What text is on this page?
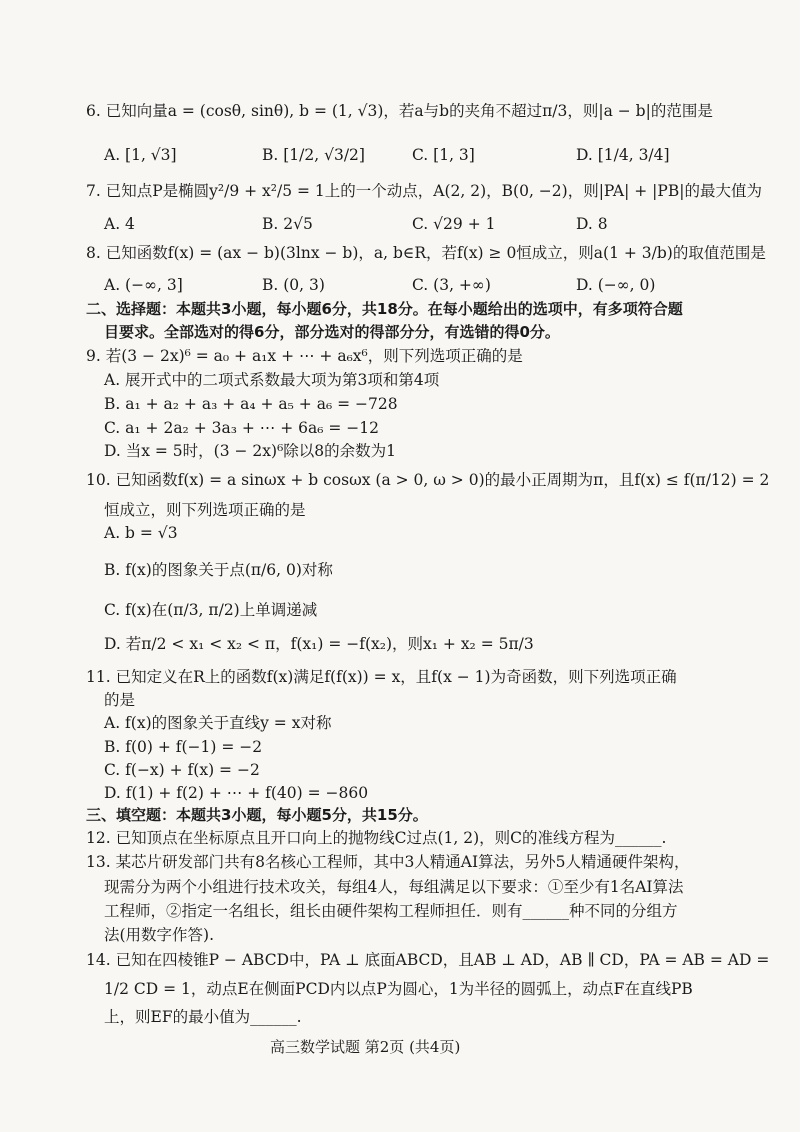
6. 已知向量a = (cosθ, sinθ), b = (1, √3)，若a与b的夹角不超过π/3，则|a − b|的范围是
A. [1, √3]	B. [1/2, √3/2]	C. [1, 3]	D. [1/4, 3/4]
7. 已知点P是椭圆y²/9 + x²/5 = 1上的一个动点，A(2, 2)，B(0, −2)，则|PA| + |PB|的最大值为
A. 4	B. 2√5	C. √29 + 1	D. 8
8. 已知函数f(x) = (ax − b)(3lnx − b)，a, b∈R，若f(x) ≥ 0恒成立，则a(1 + 3/b)的取值范围是
A. (−∞, 3]	B. (0, 3)	C. (3, +∞)	D. (−∞, 0)
二、选择题：本题共3小题，每小题6分，共18分。在每小题给出的选项中，有多项符合题
目要求。全部选对的得6分，部分选对的得部分分，有选错的得0分。
9. 若(3 − 2x)⁶ = a₀ + a₁x + ⋯ + a₆x⁶，则下列选项正确的是
A. 展开式中的二项式系数最大项为第3项和第4项
B. a₁ + a₂ + a₃ + a₄ + a₅ + a₆ = −728
C. a₁ + 2a₂ + 3a₃ + ⋯ + 6a₆ = −12
D. 当x = 5时，(3 − 2x)⁶除以8的余数为1
10. 已知函数f(x) = a sinωx + b cosωx (a > 0, ω > 0)的最小正周期为π，且f(x) ≤ f(π/12) = 2
恒成立，则下列选项正确的是
A. b = √3
B. f(x)的图象关于点(π/6, 0)对称
C. f(x)在(π/3, π/2)上单调递减
D. 若π/2 < x₁ < x₂ < π，f(x₁) = −f(x₂)，则x₁ + x₂ = 5π/3
11. 已知定义在R上的函数f(x)满足f(f(x)) = x，且f(x − 1)为奇函数，则下列选项正确
的是
A. f(x)的图象关于直线y = x对称
B. f(0) + f(−1) = −2
C. f(−x) + f(x) = −2
D. f(1) + f(2) + ⋯ + f(40) = −860
三、填空题：本题共3小题，每小题5分，共15分。
12. 已知顶点在坐标原点且开口向上的抛物线C过点(1, 2)，则C的准线方程为______.
13. 某芯片研发部门共有8名核心工程师，其中3人精通AI算法，另外5人精通硬件架构，
现需分为两个小组进行技术攻关，每组4人，每组满足以下要求：①至少有1名AI算法
工程师，②指定一名组长，组长由硬件架构工程师担任．则有______种不同的分组方
法(用数字作答).
14. 已知在四棱锥P − ABCD中，PA ⊥ 底面ABCD，且AB ⊥ AD，AB ∥ CD，PA = AB = AD =
1/2 CD = 1，动点E在侧面PCD内以点P为圆心，1为半径的圆弧上，动点F在直线PB
上，则EF的最小值为______.
高三数学试题 第2页 (共4页)
